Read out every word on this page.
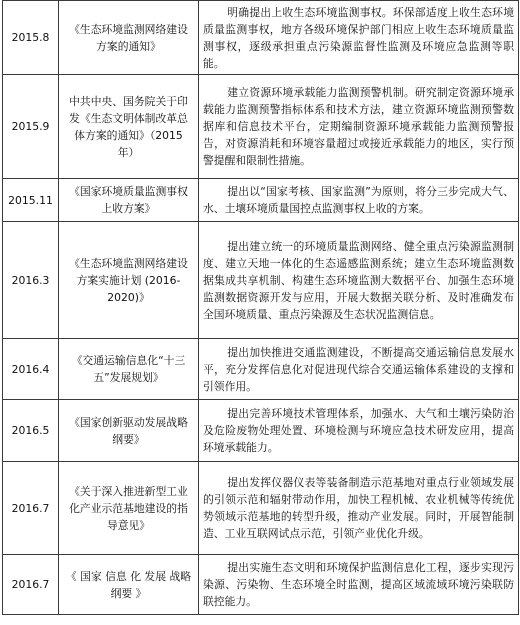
2015.8	《生态环境监测网络建设方案的通知》	明确提出上收生态环境监测事权。环保部适度上收生态环境质量监测事权，地方各级环境保护部门相应上收生态环境质量监测事权，逐级承担重点污染源监督性监测及环境应急监测等职能。
2015.9	中共中央、国务院关于印发《生态文明体制改革总体方案的通知》（2015 年）	建立资源环境承载能力监测预警机制。研究制定资源环境承载能力监测预警指标体系和技术方法，建立资源环境监测预警数据库和信息技术平台，定期编制资源环境承载能力监测预警报告，对资源消耗和环境容量超过或接近承载能力的地区，实行预警提醒和限制性措施。
2015.11	《国家环境质量监测事权上收方案》	提出以“国家考核、国家监测”为原则，将分三步完成大气、水、土壤环境质量国控点监测事权上收的方案。
2016.3	《生态环境监测网络建设方案实施计划 (2016-2020)》	提出建立统一的环境质量监测网络、健全重点污染源监测制度、建立天地一体化的生态遥感监测系统；建立生态环境监测数据集成共享机制、构建生态环境监测大数据平台、加强生态环境监测数据资源开发与应用，开展大数据关联分析、及时准确发布全国环境质量、重点污染源及生态状况监测信息。
2016.4	《交通运输信息化“十三五”发展规划》	提出加快推进交通监测建设，不断提高交通运输信息发展水平，充分发挥信息化对促进现代综合交通运输体系建设的支撑和引领作用。
2016.5	《国家创新驱动发展战略纲要》	提出完善环境技术管理体系，加强水、大气和土壤污染防治及危险废物处理处置、环境检测与环境应急技术研发应用，提高环境承载能力。
2016.7	《关于深入推进新型工业化产业示范基地建设的指导意见》	提出发挥仪器仪表等装备制造示范基地对重点行业领域发展的引领示范和辐射带动作用，加快工程机械、农业机械等传统优势领域示范基地的转型升级，推动产业发展。同时，开展智能制造、工业互联网试点示范，引领产业优化升级。
2016.7	《 国家 信息 化 发展 战略纲要 》	提出实施生态文明和环境保护监测信息化工程，逐步实现污染源、污染物、生态环境全时监测，提高区域流域环境污染联防联控能力。
